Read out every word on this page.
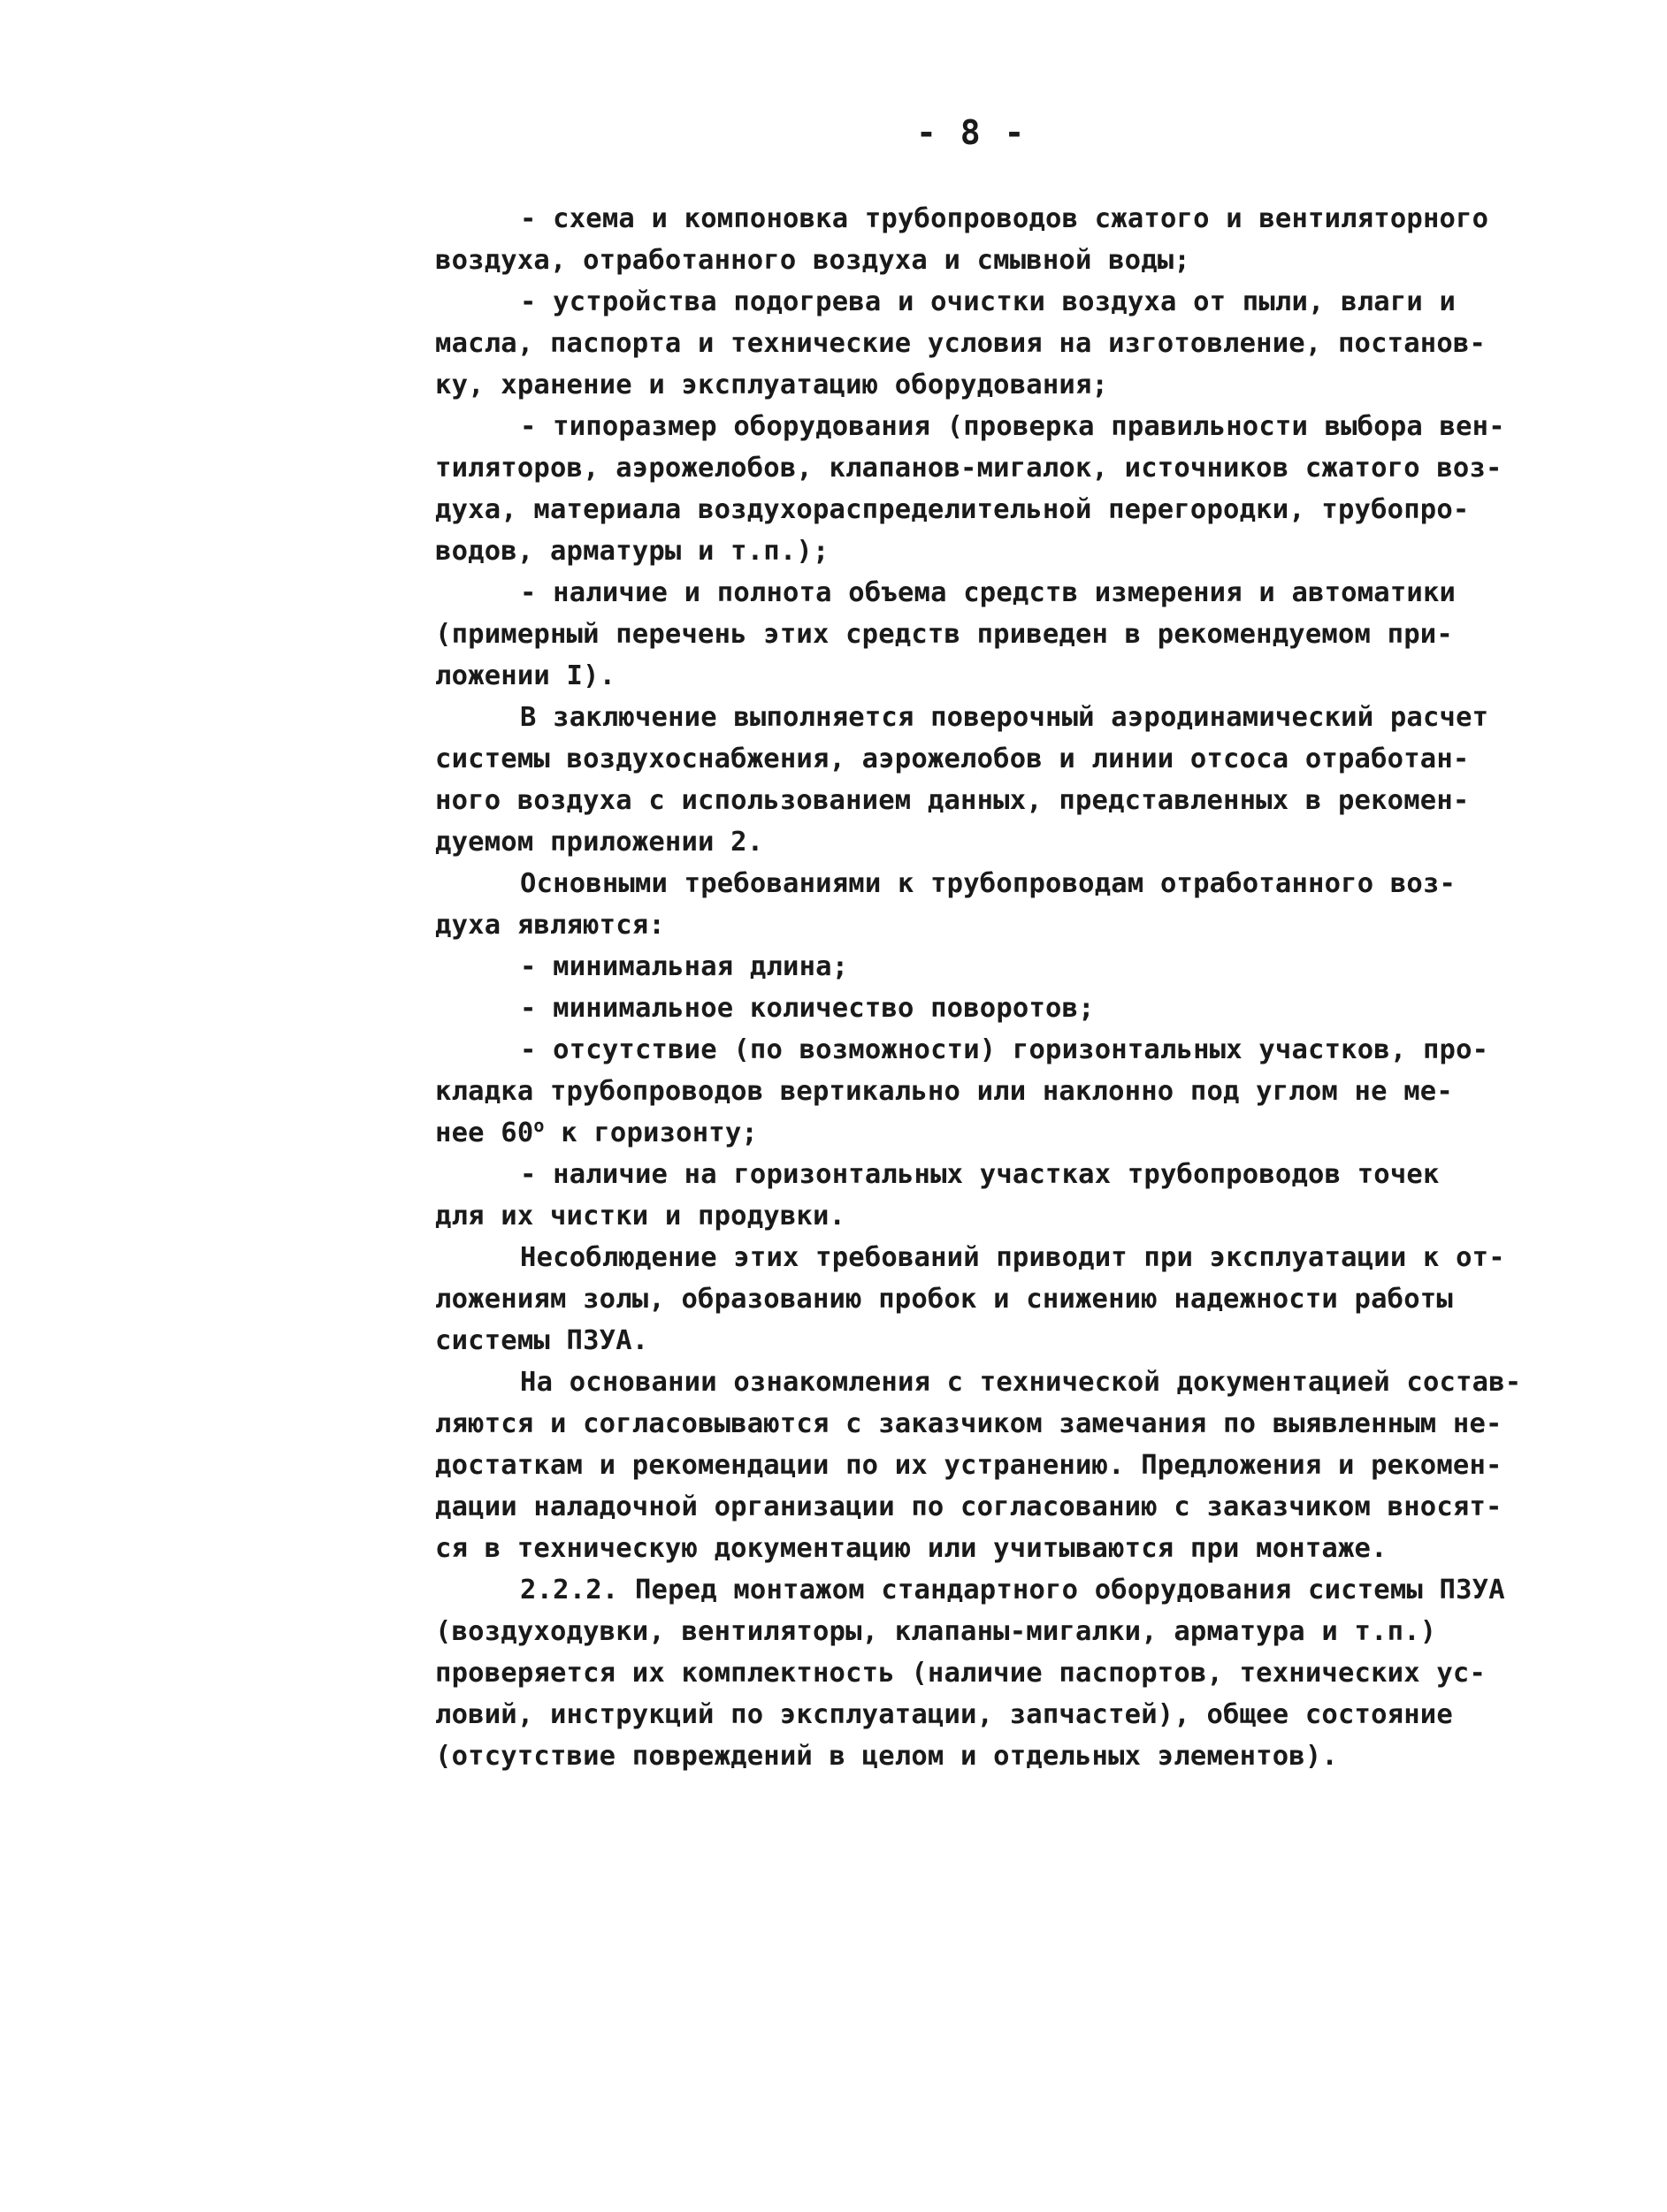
- 8 -
- схема и компоновка трубопроводов сжатого и вентиляторного
воздуха, отработанного воздуха и смывной воды;
- устройства подогрева и очистки воздуха от пыли, влаги и
масла, паспорта и технические условия на изготовление, постанов-
ку, хранение и эксплуатацию оборудования;
- типоразмер оборудования (проверка правильности выбора вен-
тиляторов, аэрожелобов, клапанов-мигалок, источников сжатого воз-
духа, материала воздухораспределительной перегородки, трубопро-
водов, арматуры и т.п.);
- наличие и полнота объема средств измерения и автоматики
(примерный перечень этих средств приведен в рекомендуемом при-
ложении I).
В заключение выполняется поверочный аэродинамический расчет
системы воздухоснабжения, аэрожелобов и линии отсоса отработан-
ного воздуха с использованием данных, представленных в рекомен-
дуемом приложении 2.
Основными требованиями к трубопроводам отработанного воз-
духа являются:
- минимальная длина;
- минимальное количество поворотов;
- отсутствие (по возможности) горизонтальных участков, про-
кладка трубопроводов вертикально или наклонно под углом не ме-
нее $60^о$ к горизонту;
- наличие на горизонтальных участках трубопроводов точек
для их чистки и продувки.
Несоблюдение этих требований приводит при эксплуатации к от-
ложениям золы, образованию пробок и снижению надежности работы
системы ПЗУА.
На основании ознакомления с технической документацией состав-
ляются и согласовываются с заказчиком замечания по выявленным не-
достаткам и рекомендации по их устранению. Предложения и рекомен-
дации наладочной организации по согласованию с заказчиком вносят-
ся в техническую документацию или учитываются при монтаже.
2.2.2. Перед монтажом стандартного оборудования системы ПЗУА
(воздуходувки, вентиляторы, клапаны-мигалки, арматура и т.п.)
проверяется их комплектность (наличие паспортов, технических ус-
ловий, инструкций по эксплуатации, запчастей), общее состояние
(отсутствие повреждений в целом и отдельных элементов).
